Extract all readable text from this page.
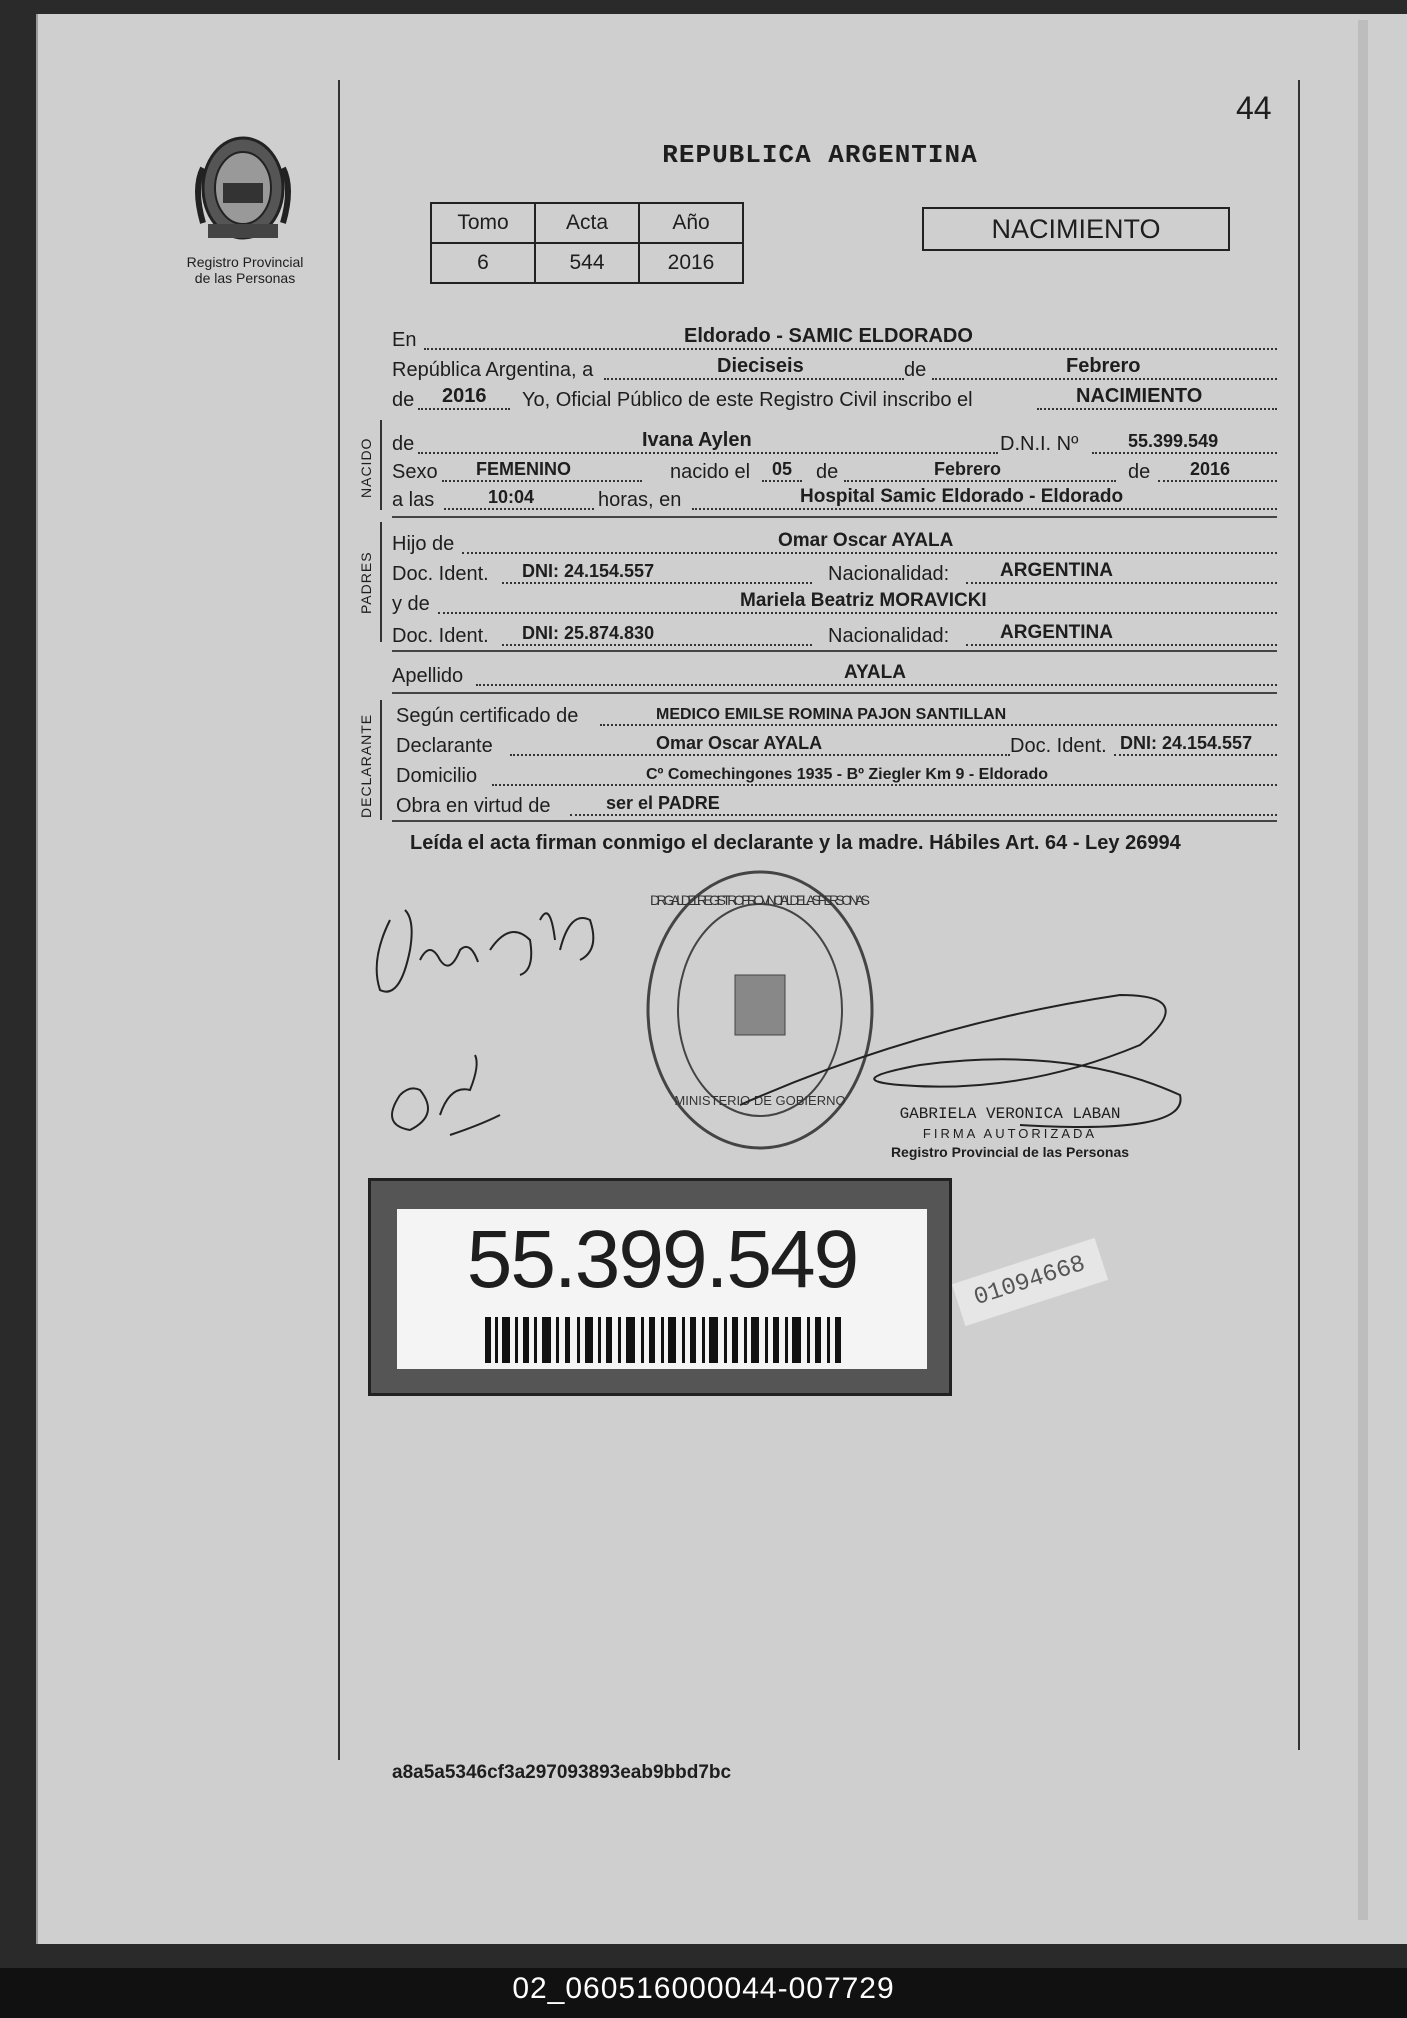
Registro Provincial
de las Personas
44
REPUBLICA ARGENTINA
Tomo	Acta	Año
6	544	2016
NACIMIENTO
En	Eldorado - SAMIC ELDORADO
República Argentina, a	Dieciseis	de	Febrero
de 2016 Yo, Oficial Público de este Registro Civil inscribo el	NACIMIENTO
NACIDO de	Ivana Aylen	D.N.I. Nº	55.399.549
Sexo FEMENINO	nacido el 05 de	Febrero	de 2016
a las	10:04	horas, en	Hospital Samic Eldorado - Eldorado
PADRES
Hijo de	Omar Oscar AYALA
Doc. Ident. DNI: 24.154.557	Nacionalidad:	ARGENTINA
y de	Mariela Beatriz MORAVICKI
Doc. Ident. DNI: 25.874.830	Nacionalidad:	ARGENTINA
Apellido	AYALA
DECLARANTE Según certificado de	MEDICO EMILSE ROMINA PAJON SANTILLAN
Declarante	Omar Oscar AYALA	Doc. Ident. DNI: 24.154.557
Domicilio	Cº Comechingones 1935 - Bº Ziegler Km 9 - Eldorado
Obra en virtud de	ser el PADRE
Leída el acta firman conmigo el declarante y la madre. Hábiles Art. 64 - Ley 26994
DR. G. AL. DEL REGISTRO PROVINCIAL DE LAS PERSONAS
MINISTERIO DE GOBIERNO
GABRIELA VERONICA LABAN
FIRMA AUTORIZADA
Registro Provincial de las Personas
55.399.549	01094668
a8a5a5346cf3a297093893eab9bbd7bc
02_060516000044-007729
